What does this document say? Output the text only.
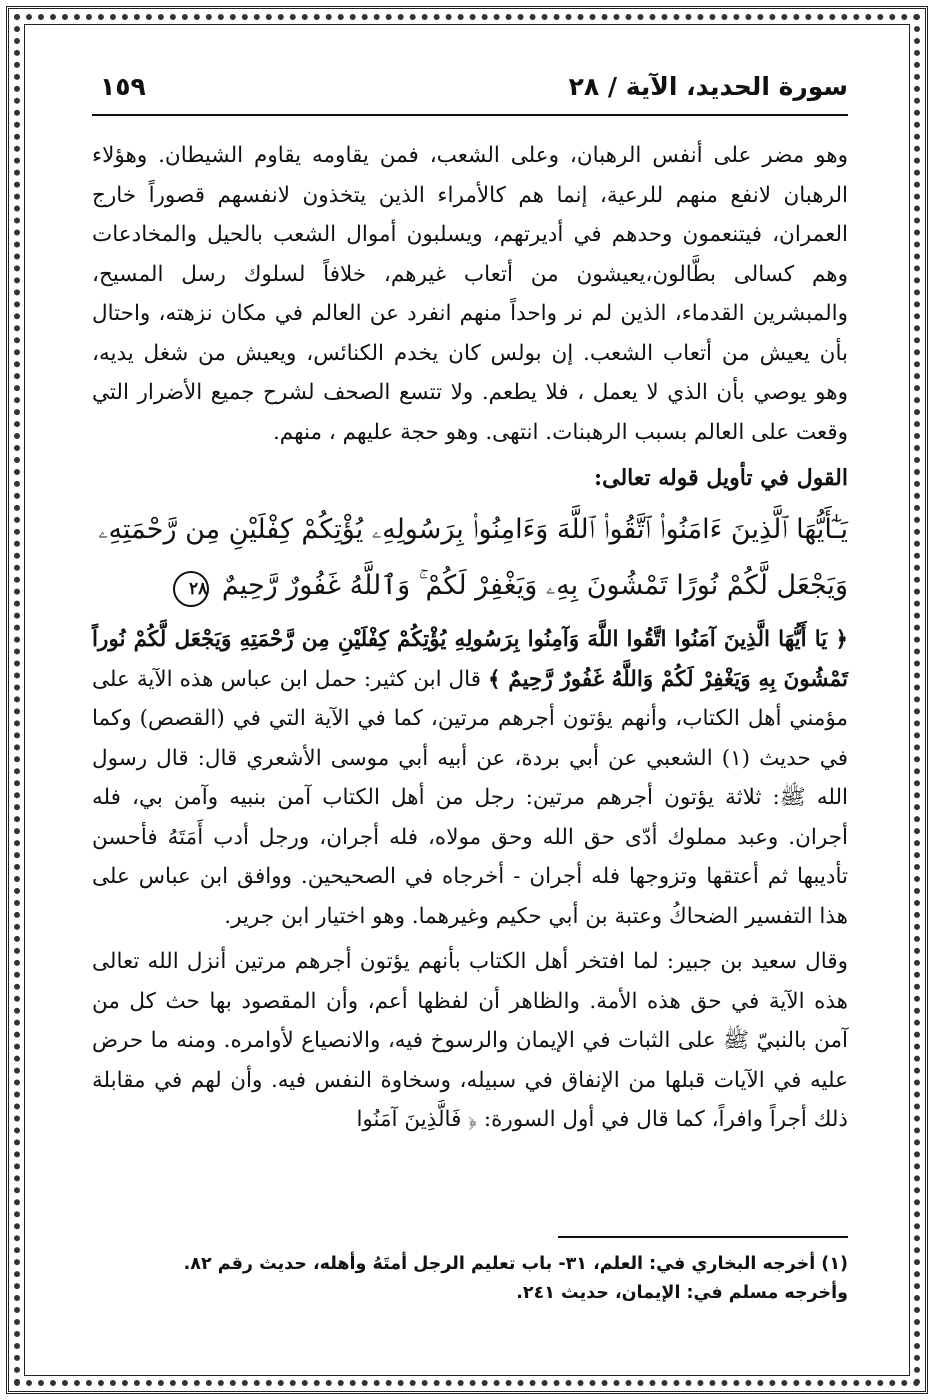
سورة الحديد، الآية / ٢٨
١٥٩

وهو مضر على أنفس الرهبان، وعلى الشعب، فمن يقاومه يقاوم الشيطان. وهؤلاء الرهبان لانفع منهم للرعية، إنما هم كالأمراء الذين يتخذون لانفسهم قصوراً خارج العمران، فيتنعمون وحدهم في أديرتهم، ويسلبون أموال الشعب بالحيل والمخادعات وهم كسالى بطَّالون،يعيشون من أتعاب غيرهم، خلافاً لسلوك رسل المسيح، والمبشرين القدماء، الذين لم نر واحداً منهم انفرد عن العالم في مكان نزهته، واحتال بأن يعيش من أتعاب الشعب. إن بولس كان يخدم الكنائس، ويعيش من شغل يديه، وهو يوصي بأن الذي لا يعمل ، فلا يطعم. ولا تتسع الصحف لشرح جميع الأضرار التي وقعت على العالم بسبب الرهبنات. انتهى. وهو حجة عليهم ، منهم.

القول في تأويل قوله تعالى:

يَـٰٓأَيُّهَا ٱلَّذِينَ ءَامَنُوا۟ ٱتَّقُوا۟ ٱللَّهَ وَءَامِنُوا۟ بِرَسُولِهِۦ يُؤْتِكُمْ كِفْلَيْنِ مِن رَّحْمَتِهِۦ
وَيَجْعَل لَّكُمْ نُورًا تَمْشُونَ بِهِۦ وَيَغْفِرْ لَكُمْ ۚ وَٱللَّهُ غَفُورٌ رَّحِيمٌ ٢٨

﴿ يَا أَيُّهَا الَّذِينَ آمَنُوا اتَّقُوا اللَّهَ وَآمِنُوا بِرَسُولِهِ يُؤْتِكُمْ كِفْلَيْنِ مِن رَّحْمَتِهِ وَيَجْعَل لَّكُمْ نُوراً تَمْشُونَ بِهِ وَيَغْفِرْ لَكُمْ وَاللَّهُ غَفُورٌ رَّحِيمٌ ﴾ قال ابن كثير: حمل ابن عباس هذه الآية على مؤمني أهل الكتاب، وأنهم يؤتون أجرهم مرتين، كما في الآية التي في (القصص) وكما في حديث (١) الشعبي عن أبي بردة، عن أبيه أبي موسى الأشعري قال: قال رسول الله ﷺ: ثلاثة يؤتون أجرهم مرتين: رجل من أهل الكتاب آمن بنبيه وآمن بي، فله أجران. وعبد مملوك أدّى حق الله وحق مولاه، فله أجران، ورجل أدب أَمَتَهُ فأحسن تأديبها ثم أعتقها وتزوجها فله أجران - أخرجاه في الصحيحين. ووافق ابن عباس على هذا التفسير الضحاكُ وعتبة بن أبي حكيم وغيرهما. وهو اختيار ابن جرير.

وقال سعيد بن جبير: لما افتخر أهل الكتاب بأنهم يؤتون أجرهم مرتين أنزل الله تعالى هذه الآية في حق هذه الأمة. والظاهر أن لفظها أعم، وأن المقصود بها حث كل من آمن بالنبيّ ﷺ على الثبات في الإيمان والرسوخ فيه، والانصياع لأوامره. ومنه ما حرض عليه في الآيات قبلها من الإنفاق في سبيله، وسخاوة النفس فيه. وأن لهم في مقابلة ذلك أجراً وافراً، كما قال في أول السورة: ﴿ فَالَّذِينَ آمَنُوا

(١) أخرجه البخاري في: العلم، ٣١- باب تعليم الرجل أمتَهُ وأهله، حديث رقم ٨٢.

وأخرجه مسلم في: الإيمان، حديث ٢٤١.
